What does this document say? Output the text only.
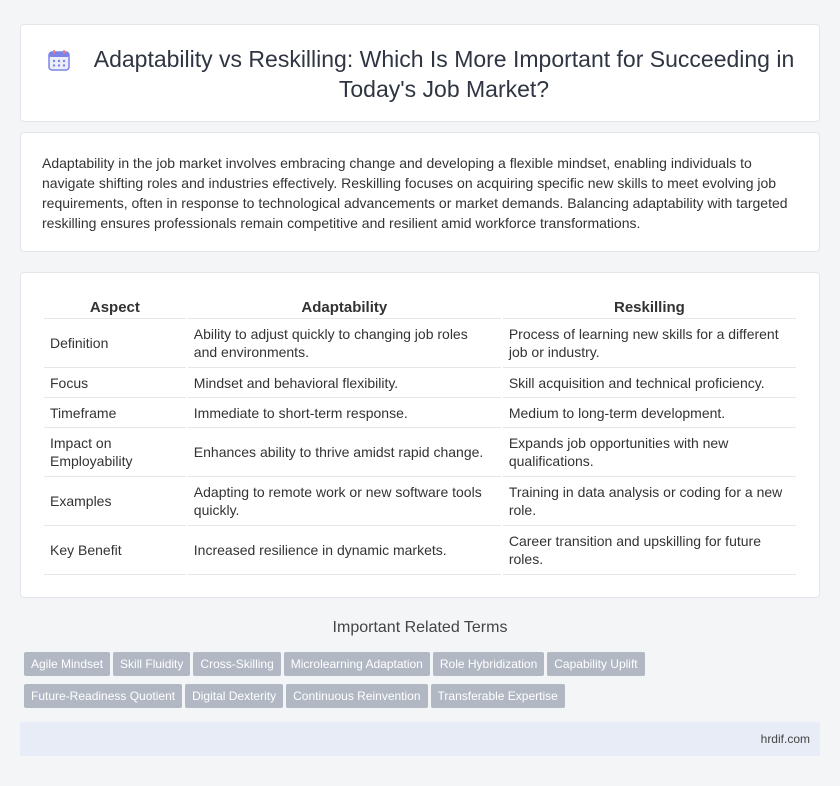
Adaptability vs Reskilling: Which Is More Important for Succeeding in Today's Job Market?

Adaptability in the job market involves embracing change and developing a flexible mindset, enabling individuals to navigate shifting roles and industries effectively. Reskilling focuses on acquiring specific new skills to meet evolving job requirements, often in response to technological advancements or market demands. Balancing adaptability with targeted reskilling ensures professionals remain competitive and resilient amid workforce transformations.

Aspect	Adaptability	Reskilling
Definition	Ability to adjust quickly to changing job roles and environments.	Process of learning new skills for a different job or industry.
Focus	Mindset and behavioral flexibility.	Skill acquisition and technical proficiency.
Timeframe	Immediate to short-term response.	Medium to long-term development.
Impact on Employability	Enhances ability to thrive amidst rapid change.	Expands job opportunities with new qualifications.
Examples	Adapting to remote work or new software tools quickly.	Training in data analysis or coding for a new role.
Key Benefit	Increased resilience in dynamic markets.	Career transition and upskilling for future roles.
Important Related Terms
Agile Mindset Skill Fluidity Cross-Skilling Microlearning Adaptation Role Hybridization Capability Uplift
Future-Readiness Quotient Digital Dexterity Continuous Reinvention Transferable Expertise
hrdif.com
